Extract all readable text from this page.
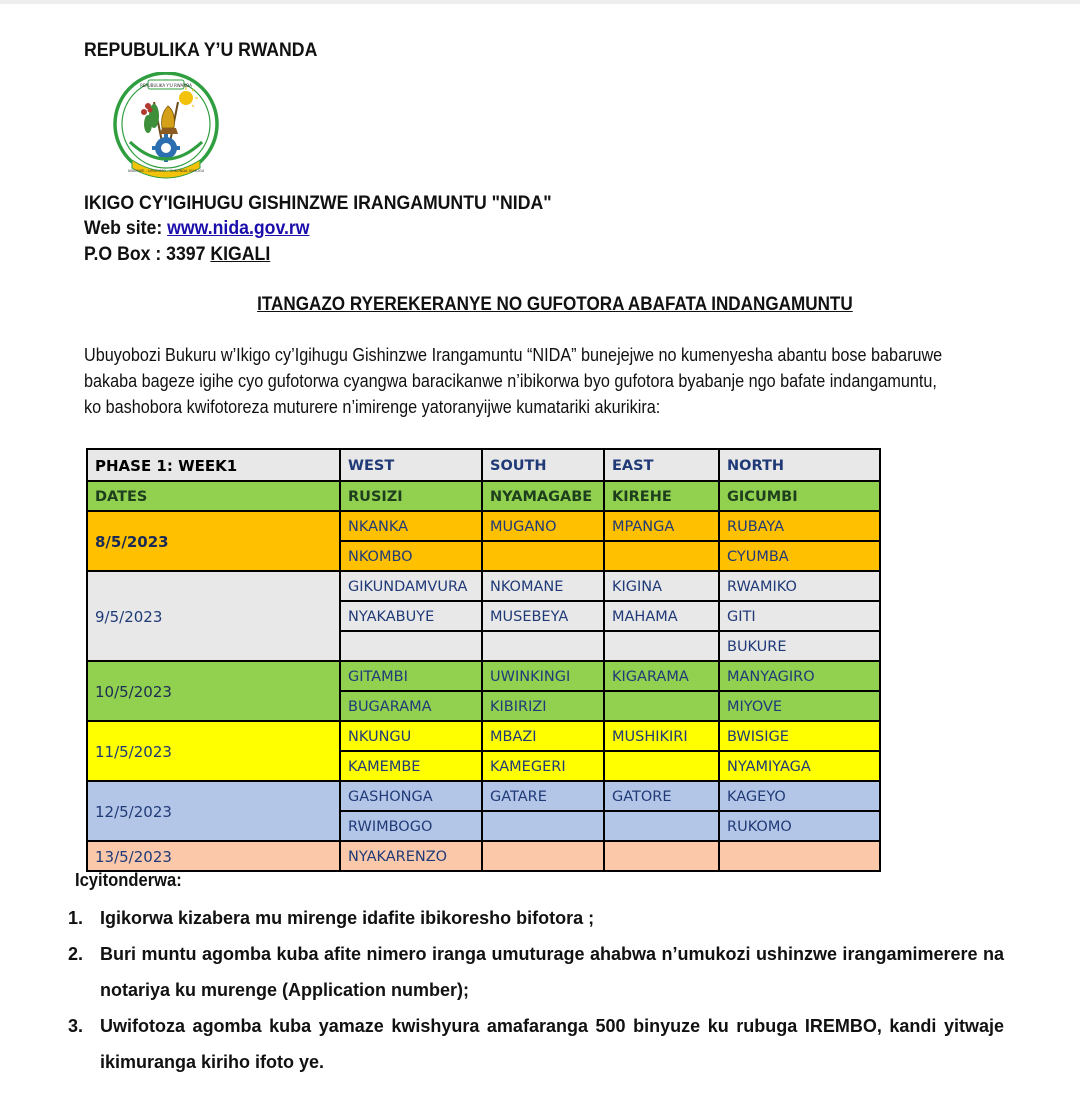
REPUBULIKA Y’U RWANDA
REPUBULIKA Y'U RWANDA
UBUMWE - UMURIMO - GUKUNDA IGIHUGU
IKIGO CY'IGIHUGU GISHINZWE IRANGAMUNTU "NIDA"
Web site: www.nida.gov.rw
P.O Box : 3397 KIGALI
ITANGAZO RYEREKERANYE NO GUFOTORA ABAFATA INDANGAMUNTU
Ubuyobozi Bukuru w’Ikigo cy’Igihugu Gishinzwe Irangamuntu “NIDA” bunejejwe no kumenyesha abantu bose babaruwe
bakaba bageze igihe cyo gufotorwa cyangwa baracikanwe n’ibikorwa byo gufotora byabanje ngo bafate indangamuntu,
ko bashobora kwifotoreza muturere n’imirenge yatoranyijwe kumatariki akurikira:
PHASE 1: WEEK1	WEST	SOUTH	EAST	NORTH
DATES	RUSIZI	NYAMAGABE	KIREHE	GICUMBI
8/5/2023	NKANKA	MUGANO	MPANGA	RUBAYA
	NKOMBO			CYUMBA
9/5/2023	GIKUNDAMVURA	NKOMANE	KIGINA	RWAMIKO
	NYAKABUYE	MUSEBEYA	MAHAMA	GITI
				BUKURE
10/5/2023	GITAMBI	UWINKINGI	KIGARAMA	MANYAGIRO
	BUGARAMA	KIBIRIZI		MIYOVE
11/5/2023	NKUNGU	MBAZI	MUSHIKIRI	BWISIGE
	KAMEMBE	KAMEGERI		NYAMIYAGA
12/5/2023	GASHONGA	GATARE	GATORE	KAGEYO
	RWIMBOGO			RUKOMO
13/5/2023	NYAKARENZO			
Icyitonderwa:
1. Igikorwa kizabera mu mirenge idafite ibikoresho bifotora ;
2. Buri muntu agomba kuba afite nimero iranga umuturage ahabwa n’umukozi ushinzwe irangamimerere na notariya ku murenge (Application number);
3. Uwifotoza agomba kuba yamaze kwishyura amafaranga 500 binyuze ku rubuga IREMBO, kandi yitwaje ikimuranga kiriho ifoto ye.
